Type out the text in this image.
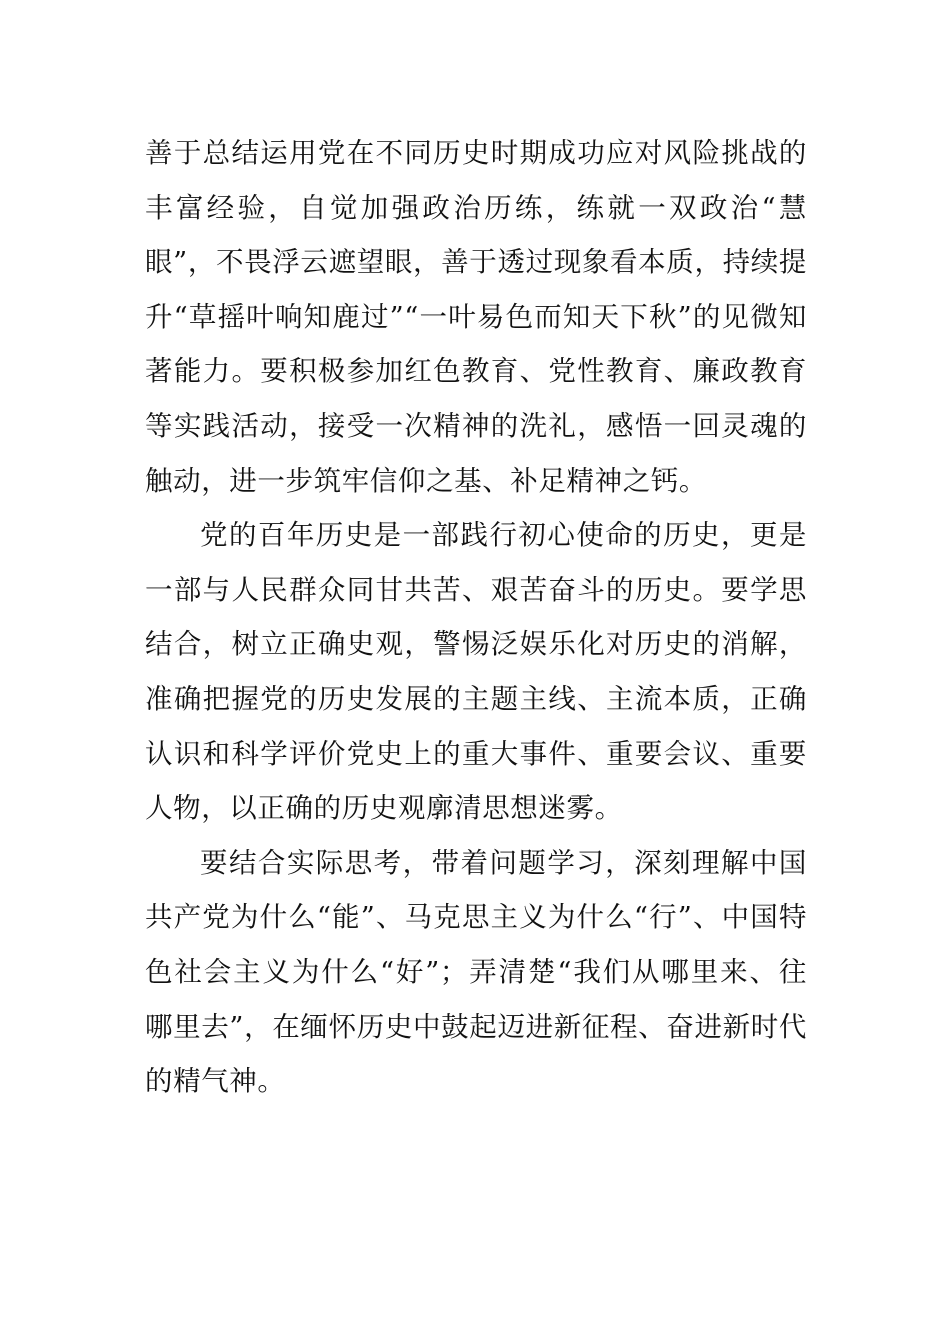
善于总结运用党在不同历史时期成功应对风险挑战的丰富经验，自觉加强政治历练，练就一双政治“慧眼”，不畏浮云遮望眼，善于透过现象看本质，持续提升“草摇叶响知鹿过”“一叶易色而知天下秋”的见微知著能力。要积极参加红色教育、党性教育、廉政教育等实践活动，接受一次精神的洗礼，感悟一回灵魂的触动，进一步筑牢信仰之基、补足精神之钙。

党的百年历史是一部践行初心使命的历史，更是一部与人民群众同甘共苦、艰苦奋斗的历史。要学思结合，树立正确史观，警惕泛娱乐化对历史的消解，准确把握党的历史发展的主题主线、主流本质，正确认识和科学评价党史上的重大事件、重要会议、重要人物，以正确的历史观廓清思想迷雾。

要结合实际思考，带着问题学习，深刻理解中国共产党为什么“能”、马克思主义为什么“行”、中国特色社会主义为什么“好”；弄清楚“我们从哪里来、往哪里去”，在缅怀历史中鼓起迈进新征程、奋进新时代的精气神。
